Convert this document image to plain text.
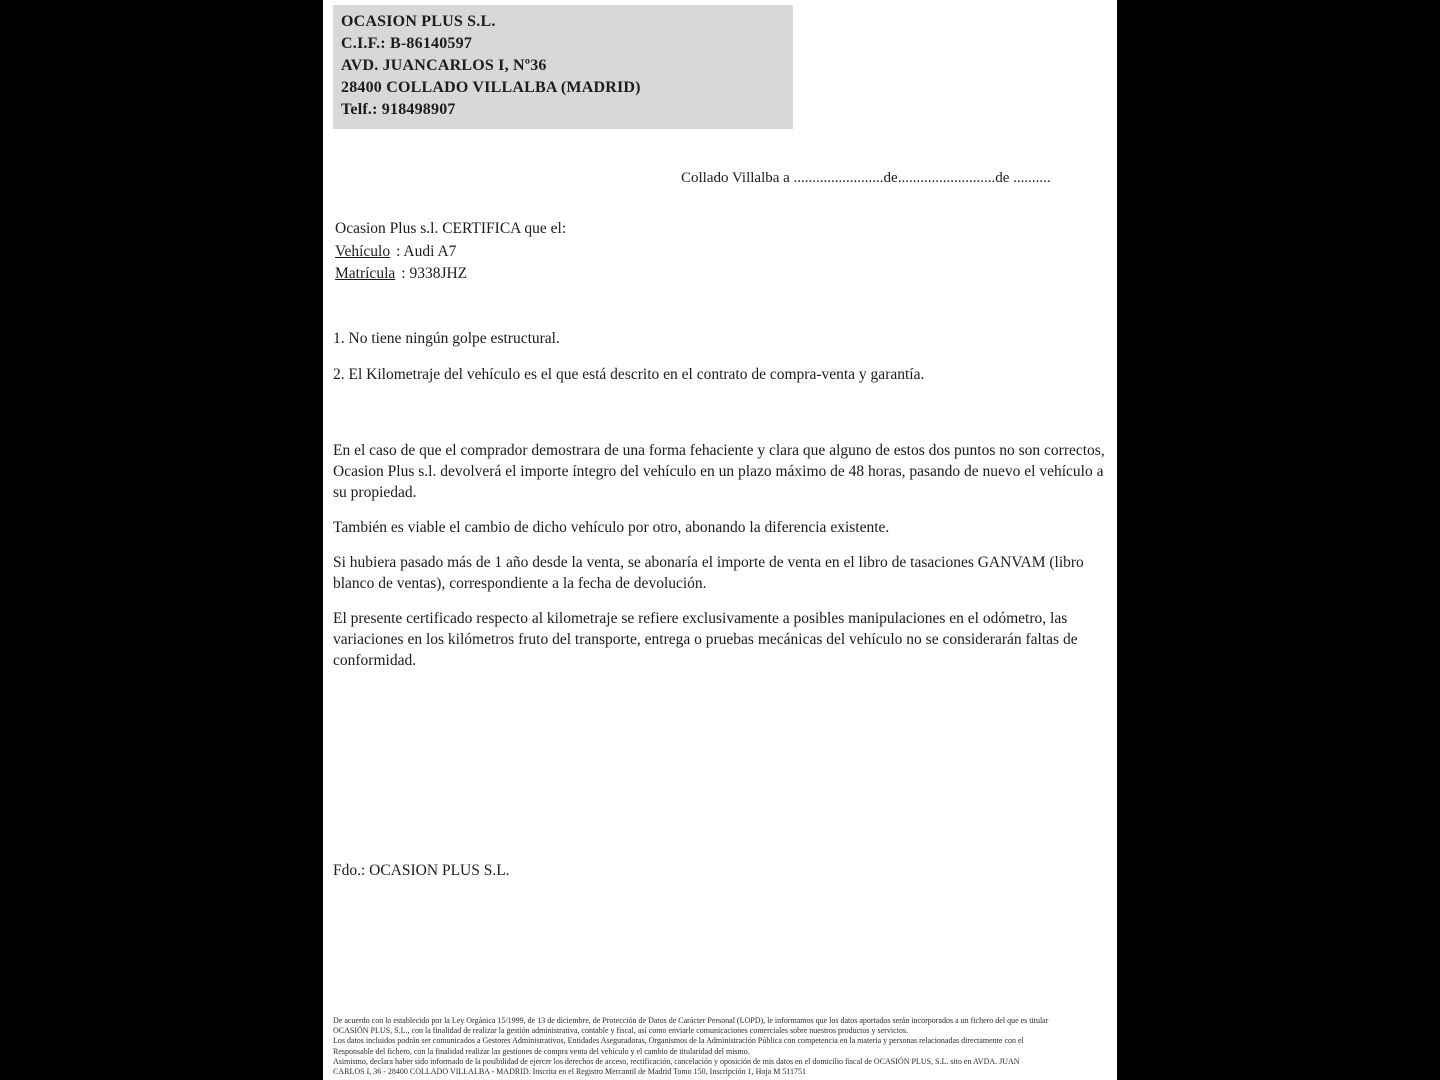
OCASION PLUS S.L.
C.I.F.: B-86140597
AVD. JUANCARLOS I, Nº36
28400 COLLADO VILLALBA (MADRID)
Telf.: 918498907
Collado Villalba a ........................de..........................de ..........
Ocasion Plus s.l. CERTIFICA que el:
Vehículo : Audi A7
Matrícula : 9338JHZ
1. No tiene ningún golpe estructural.
2. El Kilometraje del vehículo es el que está descrito en el contrato de compra-venta y garantía.

En el caso de que el comprador demostrara de una forma fehaciente y clara que alguno de estos dos puntos no son correctos, Ocasion Plus s.l. devolverá el importe íntegro del vehículo en un plazo máximo de 48 horas, pasando de nuevo el vehículo a su propiedad.

También es viable el cambio de dicho vehículo por otro, abonando la diferencia existente.

Si hubiera pasado más de 1 año desde la venta, se abonaría el importe de venta en el libro de tasaciones GANVAM (libro blanco de ventas), correspondiente a la fecha de devolución.

El presente certificado respecto al kilometraje se refiere exclusivamente a posibles manipulaciones en el odómetro, las variaciones en los kilómetros fruto del transporte, entrega o pruebas mecánicas del vehículo no se considerarán faltas de conformidad.

Fdo.: OCASION PLUS S.L.
De acuerdo con lo establecido por la Ley Orgánica 15/1999, de 13 de diciembre, de Protección de Datos de Carácter Personal (LOPD), le informamos que los datos aportados serán incorporados a un fichero del que es titular
OCASIÓN PLUS, S.L., con la finalidad de realizar la gestión administrativa, contable y fiscal, así como enviarle comunicaciones comerciales sobre nuestros productos y servicios.
Los datos incluidos podrán ser comunicados a Gestores Administrativos, Entidades Aseguradoras, Organismos de la Administración Pública con competencia en la materia y personas relacionadas directamente con el
Responsable del fichero, con la finalidad realizar las gestiones de compra venta del vehículo y el cambio de titularidad del mismo.
Asimismo, declara haber sido informado de la posibilidad de ejercer los derechos de acceso, rectificación, cancelación y oposición de mis datos en el domicilio fiscal de OCASIÓN PLUS, S.L. sito en AVDA. JUAN
CARLOS I, 36 - 28400 COLLADO VILLALBA - MADRID. Inscrita en el Registro Mercantil de Madrid Tomo 150, Inscripción 1, Hoja M 511751
